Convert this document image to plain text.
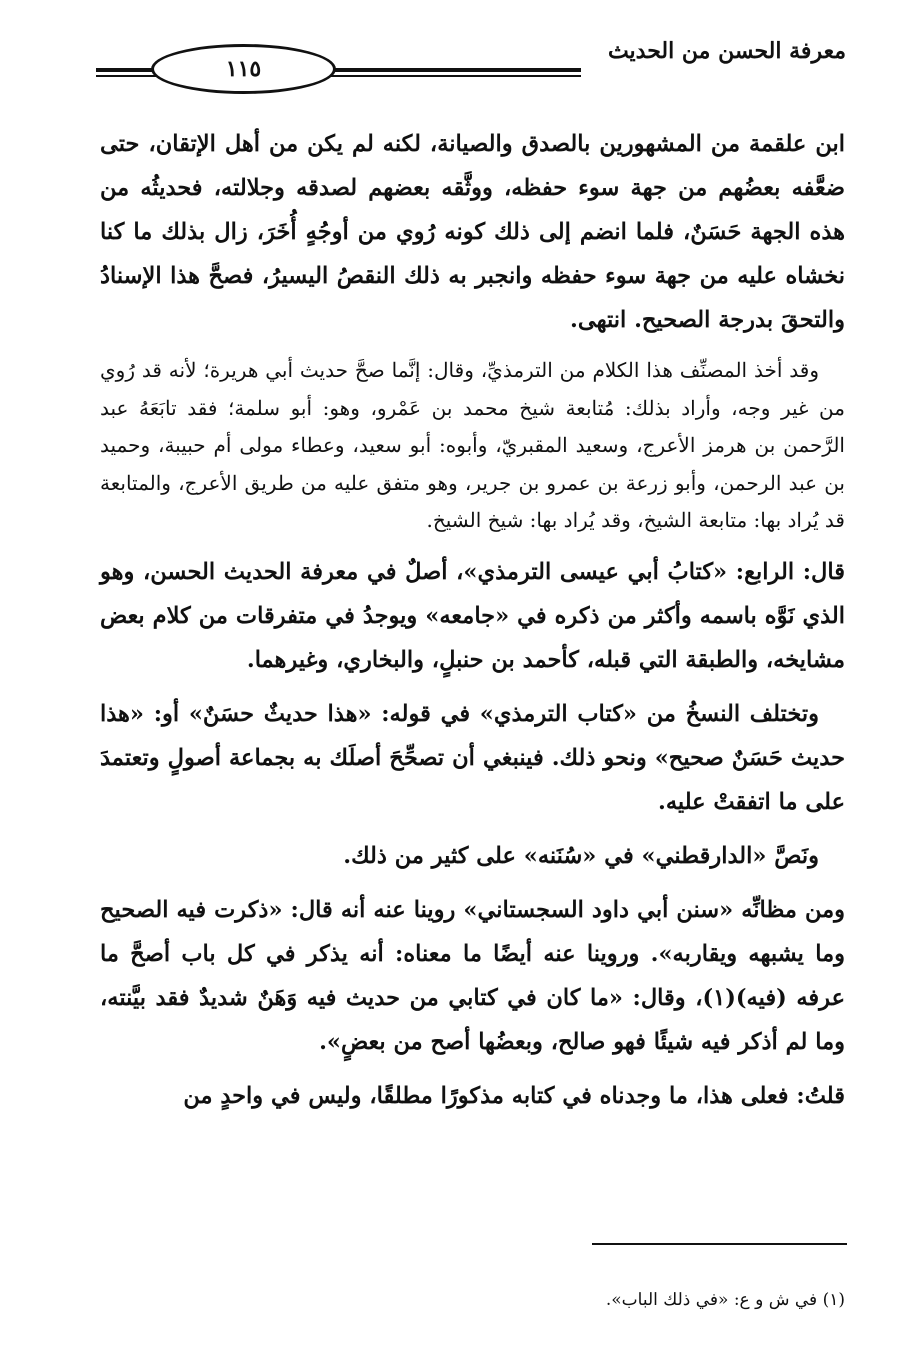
معرفة الحسن من الحديث
١١٥

ابن علقمة من المشهورين بالصدق والصيانة، لكنه لم يكن من أهل الإتقان، حتى ضعَّفه بعضُهم من جهة سوء حفظه، ووثَّقه بعضهم لصدقه وجلالته، فحديثُه من هذه الجهة حَسَنٌ، فلما انضم إلى ذلك كونه رُوي من أوجُهٍ أُخَرَ، زال بذلك ما كنا نخشاه عليه من جهة سوء حفظه وانجبر به ذلك النقصُ اليسيرُ، فصحَّ هذا الإسنادُ والتحقَ بدرجة الصحيح. انتهى.

وقد أخذ المصنِّف هذا الكلام من الترمذيِّ، وقال: إنَّما صحَّ حديث أبي هريرة؛ لأنه قد رُوي من غير وجه، وأراد بذلك: مُتابعة شيخ محمد بن عَمْرو، وهو: أبو سلمة؛ فقد تابَعَهُ عبد الرَّحمن بن هرمز الأعرج، وسعيد المقبريّ، وأبوه: أبو سعيد، وعطاء مولى أم حبيبة، وحميد بن عبد الرحمن، وأبو زرعة بن عمرو بن جرير، وهو متفق عليه من طريق الأعرج، والمتابعة قد يُراد بها: متابعة الشيخ، وقد يُراد بها: شيخ الشيخ.

قال: الرابع: «كتابُ أبي عيسى الترمذي»، أصلٌ في معرفة الحديث الحسن، وهو الذي نَوَّه باسمه وأكثر من ذكره في «جامعه» ويوجدُ في متفرقات من كلام بعض مشايخه، والطبقة التي قبله، كأحمد بن حنبلٍ، والبخاري، وغيرهما.

وتختلف النسخُ من «كتاب الترمذي» في قوله: «هذا حديثٌ حسَنٌ» أو: «هذا حديث حَسَنٌ صحيح» ونحو ذلك. فينبغي أن تصحِّحَ أصلَك به بجماعة أصولٍ وتعتمدَ على ما اتفقتْ عليه.

ونَصَّ «الدارقطني» في «سُنَنه» على كثير من ذلك.

ومن مظانِّه «سنن أبي داود السجستاني» روينا عنه أنه قال: «ذكرت فيه الصحيح وما يشبهه ويقاربه». وروينا عنه أيضًا ما معناه: أنه يذكر في كل باب أصحَّ ما عرفه (فيه)(١)، وقال: «ما كان في كتابي من حديث فيه وَهَنٌ شديدٌ فقد بيَّنته، وما لم أذكر فيه شيئًا فهو صالح، وبعضُها أصح من بعضٍ».

قلتُ: فعلى هذا، ما وجدناه في كتابه مذكورًا مطلقًا، وليس في واحدٍ من

(١) في ش و ع: «في ذلك الباب».
